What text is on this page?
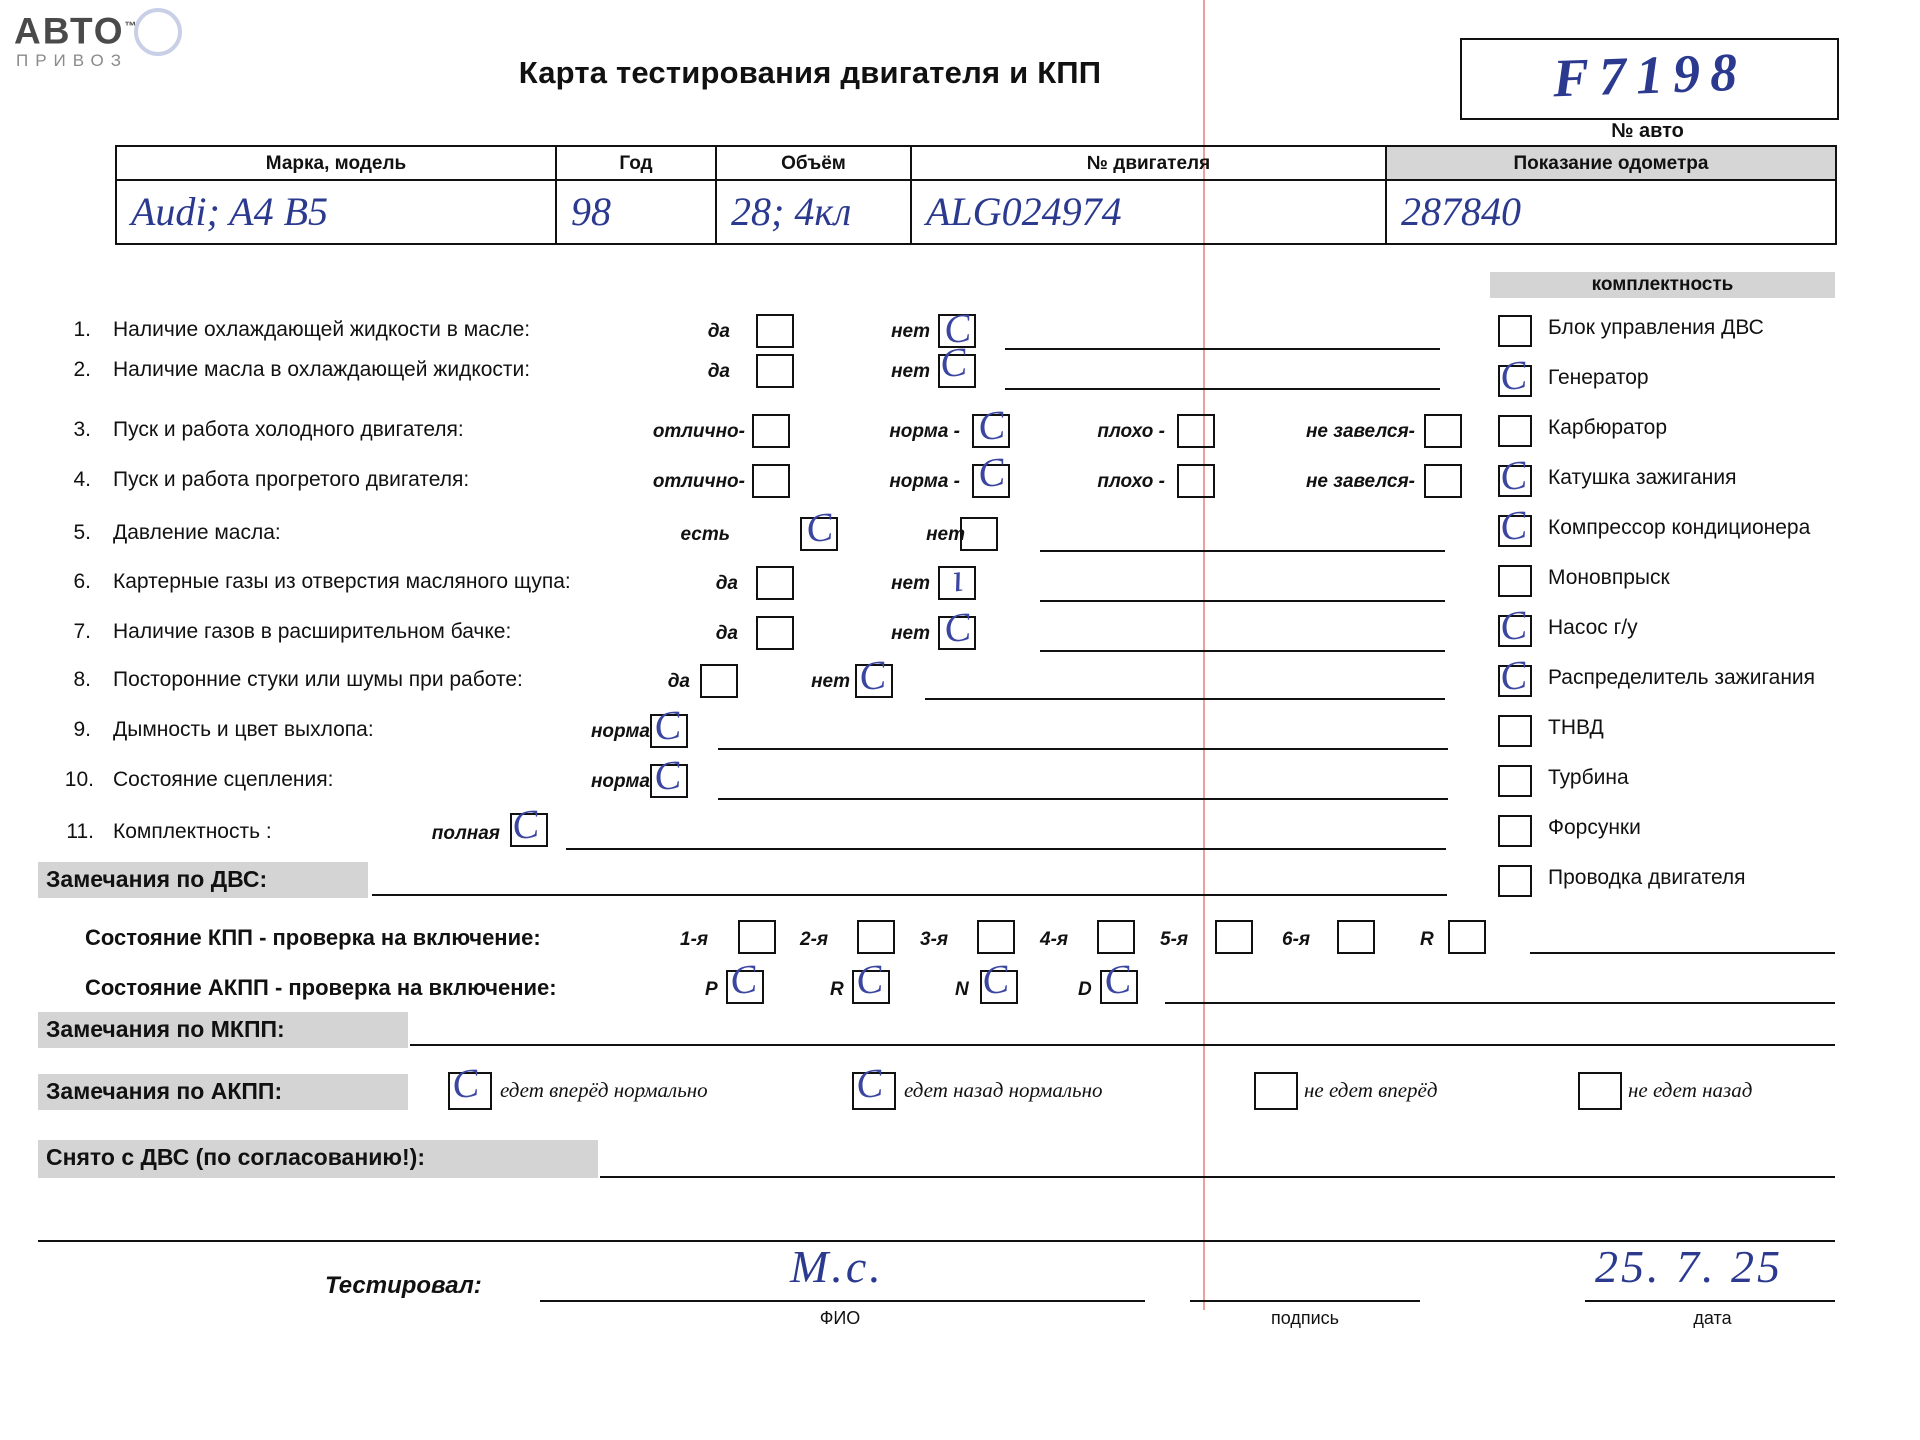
АВТО™
ПРИВОЗ	Карта тестирования двигателя и КПП	F7198
№ авто
Марка, модель	Год	Объём	№ двигателя	Показание одометра
Audi; A4 B5	98	28; 4кл	ALG024974	287840
комплектность
1. Наличие охлаждающей жидкости в масле:	да	нет Ϲ
2. Наличие масла в охлаждающей жидкости:	да	нет Ϲ
3. Пуск и работа холодного двигателя:	отлично-	норма - Ϲ	плохо -	не завелся-
4. Пуск и работа прогретого двигателя:	отлично-	норма - Ϲ	плохо -	не завелся-
5. Давление масла:	есть Ϲ	нет
6. Картерные газы из отверстия масляного щупа:	да	нет ı
7. Наличие газов в расширительном бачке:	да	нет Ϲ
8. Посторонние стуки или шумы при работе:	да	нет Ϲ
9. Дымность и цвет выхлопа:	норма Ϲ
10. Состояние сцепления:	норма Ϲ
11. Комплектность :	полная Ϲ
Блок управления ДВС
Ϲ Генератор
Карбюратор
Ϲ Катушка зажигания
Ϲ Компрессор кондиционера
Моновпрыск
Ϲ Насос г/у
Ϲ Распределитель зажигания
ТНВД
Турбина
Форсунки
Проводка двигателя
Замечания по ДВС:
Состояние КПП - проверка на включение:	1-я	2-я	3-я	4-я	5-я	6-я	R
Состояние АКПП - проверка на включение:	P Ϲ	R Ϲ	N Ϲ	D Ϲ
Замечания по МКПП:
Замечания по АКПП:	Ϲ едет вперёд нормально	Ϲ едет назад нормально	не едет вперёд	не едет назад
Снято с ДВС (по согласованию!):
Тестировал:	М.с.
ФИО	подпись
25. 7. 25
дата
